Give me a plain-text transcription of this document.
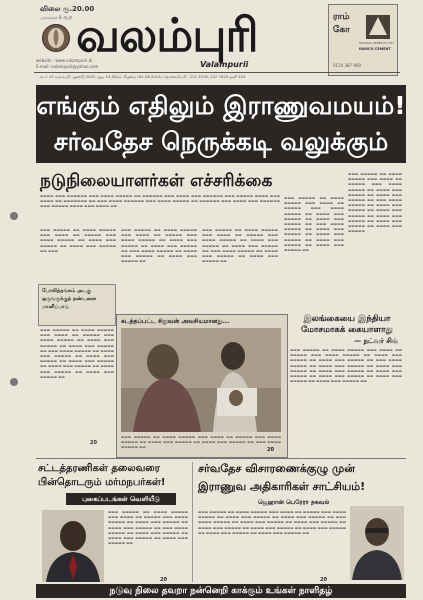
விலை ரூ.20.00
பக்கங்கள் 8 பிரதி வலம்புரி
Valampurii
website : www.valampurii.lk
E-mail: valampurii@yahoo.com
ராம் கோ
MADRAS CEMENTS LTD
RAMCO CEMENT
0114 387 900
சுடர் 15 வலம்புரி ஆண்டு 2045 ஆடி 19 திங்கட்கிழமை (04.08.2014) தொலைபேசி : 222 3378, 222 7829 ஒளி 229
எங்கும் எதிலும் இராணுவமயம்!
சர்வதேச நெருக்கடி வலுக்கும்
நடுநிலையாளர்கள் எச்சரிக்கை
▬▬▬▬ ▬▬▬ ▬▬▬▬▬▬ ▬▬▬ ▬▬▬▬ ▬▬▬▬▬ ▬▬ ▬▬▬▬▬▬ ▬▬▬ ▬▬▬▬ ▬▬▬ ▬▬▬▬▬▬ ▬▬▬ ▬▬▬▬▬ ▬▬▬▬ ▬▬▬ ▬▬▬▬ ▬▬ ▬▬▬▬▬▬▬ ▬▬ ▬▬▬ ▬▬▬▬ ▬▬▬▬▬▬ ▬▬▬ ▬▬▬▬ ▬▬▬▬▬ ▬▬ ▬▬▬▬▬▬ ▬▬▬ ▬▬▬▬ ▬▬▬ ▬▬▬▬▬▬ ▬▬▬ ▬▬▬▬▬ ▬▬▬▬ ▬▬▬ ▬▬▬▬ ▬▬
▬▬▬ ▬▬▬▬▬ ▬▬ ▬▬▬▬ ▬▬▬▬▬ ▬▬▬ ▬▬▬▬ ▬▬ ▬▬▬▬▬ ▬▬▬ ▬▬▬▬ ▬▬▬▬▬ ▬▬ ▬▬▬▬ ▬▬▬ ▬▬▬▬▬ ▬▬ ▬▬▬▬ ▬▬▬ ▬▬▬▬▬ ▬▬ ▬▬▬
▬▬▬ ▬▬▬▬▬ ▬▬ ▬▬▬▬ ▬▬▬▬▬ ▬▬▬ ▬▬▬▬ ▬▬ ▬▬▬▬▬ ▬▬▬ ▬▬▬▬ ▬▬▬▬▬ ▬▬ ▬▬▬▬ ▬▬▬ ▬▬▬▬▬ ▬▬ ▬▬▬▬ ▬▬▬ ▬▬▬▬▬ ▬▬ ▬▬▬ ▬▬▬▬ ▬▬▬▬▬ ▬▬ ▬▬▬▬ ▬▬▬ ▬▬▬▬▬ ▬▬ ▬▬▬▬ ▬▬▬ ▬▬▬▬▬ ▬▬
▬▬▬ ▬▬▬▬▬ ▬▬ ▬▬▬▬ ▬▬▬▬▬ ▬▬▬ ▬▬▬▬ ▬▬ ▬▬▬▬▬ ▬▬▬ ▬▬▬▬ ▬▬▬▬▬ ▬▬ ▬▬▬▬ ▬▬▬ ▬▬▬▬▬ ▬▬ ▬▬▬▬ ▬▬▬ ▬▬▬▬▬ ▬▬ ▬▬▬ ▬▬▬▬ ▬▬▬▬▬ ▬▬ ▬▬▬▬ ▬▬▬ ▬▬▬▬▬ ▬▬ ▬▬▬▬ ▬▬▬ ▬▬▬▬▬ ▬▬
▬▬▬ ▬▬▬▬▬ ▬▬ ▬▬▬▬ ▬▬▬▬▬ ▬▬▬ ▬▬▬▬ ▬▬ ▬▬▬▬▬ ▬▬▬ ▬▬▬▬ ▬▬▬▬▬ ▬▬ ▬▬▬▬ ▬▬▬ ▬▬▬▬▬ ▬▬ ▬▬▬▬ ▬▬▬ ▬▬▬▬▬ ▬▬ ▬▬▬ ▬▬▬▬ ▬▬▬▬▬ ▬▬ ▬▬▬▬ ▬▬▬ ▬▬▬▬▬ ▬▬ ▬▬▬▬ ▬▬▬ ▬▬▬▬▬ ▬▬ ▬▬▬▬ ▬▬▬ ▬▬▬▬▬ ▬▬ ▬▬▬▬ ▬▬▬ ▬▬▬▬▬ ▬▬
▬▬▬ ▬▬▬▬▬ ▬▬ ▬▬▬▬ ▬▬▬▬▬ ▬▬▬ ▬▬▬▬ ▬▬ ▬▬▬▬▬ ▬▬▬ ▬▬▬▬ ▬▬▬▬▬ ▬▬ ▬▬▬▬ ▬▬▬ ▬▬▬▬▬ ▬▬ ▬▬▬▬ ▬▬▬ ▬▬▬▬▬ ▬▬ ▬▬▬ ▬▬▬▬ ▬▬▬▬▬ ▬▬ ▬▬▬▬ ▬▬▬ ▬▬▬▬▬ ▬▬ ▬▬▬▬ ▬▬▬ ▬▬▬▬▬ ▬▬ ▬▬▬▬ ▬▬▬ ▬▬▬▬▬ ▬▬ ▬▬▬▬ ▬▬▬ ▬▬▬▬▬ ▬▬ ▬▬▬▬ ▬▬▬ ▬▬▬▬▬
போலித்தங்கம் அடகு
ஒருவருக்குத் தண்டனை
மானிப்பாய்
▬▬▬ ▬▬▬▬▬ ▬▬ ▬▬▬▬ ▬▬▬▬▬ ▬▬▬ ▬▬▬▬ ▬▬ ▬▬▬▬▬ ▬▬▬ ▬▬▬▬ ▬▬▬▬▬ ▬▬ ▬▬▬▬ ▬▬▬ ▬▬▬▬▬ ▬▬ ▬▬▬▬ ▬▬▬ ▬▬▬▬▬ ▬▬ ▬▬▬ ▬▬▬▬ ▬▬▬▬▬ ▬▬ ▬▬▬▬ ▬▬▬ ▬▬▬▬▬ ▬▬ ▬▬▬▬ ▬▬▬ ▬▬▬▬▬ ▬▬ ▬▬▬▬ ▬▬▬ ▬▬▬▬▬ ▬▬ ▬▬▬▬ ▬▬▬ ▬▬▬▬▬ ▬▬ ▬▬▬▬ ▬▬▬ ▬▬▬▬▬ ▬▬ ▬▬▬▬ ▬▬▬ ▬▬▬▬▬ ▬▬
20
கடத்தப்பட்ட சிறுவன் அவசியமானது...
▬▬▬ ▬▬▬▬▬ ▬▬ ▬▬▬▬ ▬▬▬▬▬ ▬▬▬ ▬▬▬▬ ▬▬ ▬▬▬▬▬ ▬▬▬ ▬▬▬▬ ▬▬▬▬▬ ▬▬ ▬▬▬▬ ▬▬▬ ▬▬▬▬▬ ▬▬ ▬▬▬▬ ▬▬▬ ▬▬▬▬▬ ▬▬ ▬▬▬ ▬▬▬▬ ▬▬▬▬▬ ▬▬	20
இலங்கையை இந்தியா
மோசமாகக் கையாளாது
— நட்வர் சிங்
▬▬▬ ▬▬▬▬▬ ▬▬ ▬▬▬▬ ▬▬▬▬▬ ▬▬▬ ▬▬▬▬ ▬▬ ▬▬▬▬▬ ▬▬▬ ▬▬▬▬ ▬▬▬▬▬ ▬▬ ▬▬▬▬ ▬▬▬ ▬▬▬▬▬ ▬▬ ▬▬▬▬ ▬▬▬ ▬▬▬▬▬ ▬▬ ▬▬▬ ▬▬▬▬ ▬▬▬▬▬ ▬▬ ▬▬▬▬ ▬▬▬ ▬▬▬▬▬ ▬▬ ▬▬▬▬ ▬▬▬ ▬▬▬▬▬ ▬▬ ▬▬▬▬ ▬▬▬ ▬▬▬▬▬ ▬▬ ▬▬▬▬ ▬▬▬ ▬▬▬▬▬ ▬▬ ▬▬▬▬ ▬▬▬ ▬▬▬▬▬ ▬▬ ▬▬▬▬ ▬▬▬ ▬▬▬▬▬ ▬▬ ▬▬▬▬ ▬▬▬ ▬▬▬▬▬ ▬▬
சட்டத்தரணிகள் தலைவரை
பின்தொடரும் மர்மநபர்கள்!
புகைப்படங்கள் வெளியீடு
▬▬▬ ▬▬▬▬▬ ▬▬ ▬▬▬▬ ▬▬▬▬▬ ▬▬▬ ▬▬▬▬ ▬▬ ▬▬▬▬▬ ▬▬▬ ▬▬▬▬ ▬▬▬▬▬ ▬▬ ▬▬▬▬ ▬▬▬ ▬▬▬▬▬ ▬▬ ▬▬▬▬ ▬▬▬ ▬▬▬▬▬ ▬▬ ▬▬▬ ▬▬▬▬ ▬▬▬▬▬ ▬▬ ▬▬▬▬ ▬▬▬ ▬▬▬▬▬ ▬▬ ▬▬▬▬ ▬▬▬ ▬▬▬▬▬ ▬▬ ▬▬▬▬ ▬▬▬ ▬▬▬▬▬ ▬▬
20
சர்வதேச விசாரணைக்குழு முன்
இராணுவ அதிகாரிகள் சாட்சியம்!
ஜெஹான் பெரேரா தகவல்
▬▬▬ ▬▬▬▬▬ ▬▬ ▬▬▬▬ ▬▬▬▬▬ ▬▬▬ ▬▬▬▬ ▬▬ ▬▬▬▬▬ ▬▬▬ ▬▬▬▬ ▬▬▬▬▬ ▬▬ ▬▬▬▬ ▬▬▬ ▬▬▬▬▬ ▬▬ ▬▬▬▬ ▬▬▬ ▬▬▬▬▬ ▬▬ ▬▬▬ ▬▬▬▬ ▬▬▬▬▬ ▬▬ ▬▬▬▬ ▬▬▬ ▬▬▬▬▬ ▬▬ ▬▬▬▬ ▬▬▬ ▬▬▬▬▬ ▬▬ ▬▬▬▬ ▬▬▬ ▬▬▬▬▬ ▬▬ ▬▬▬▬ ▬▬▬ ▬▬▬▬▬ ▬▬ ▬▬▬▬ ▬▬▬ ▬▬▬▬▬ ▬▬ ▬▬▬▬ ▬▬▬ ▬▬▬▬▬ ▬▬ ▬▬▬▬ ▬▬▬ ▬▬▬▬▬ ▬▬
20
நடுவு நிலை தவறா நன்னெறி காக்கும் உங்கள் நாளிதழ்
